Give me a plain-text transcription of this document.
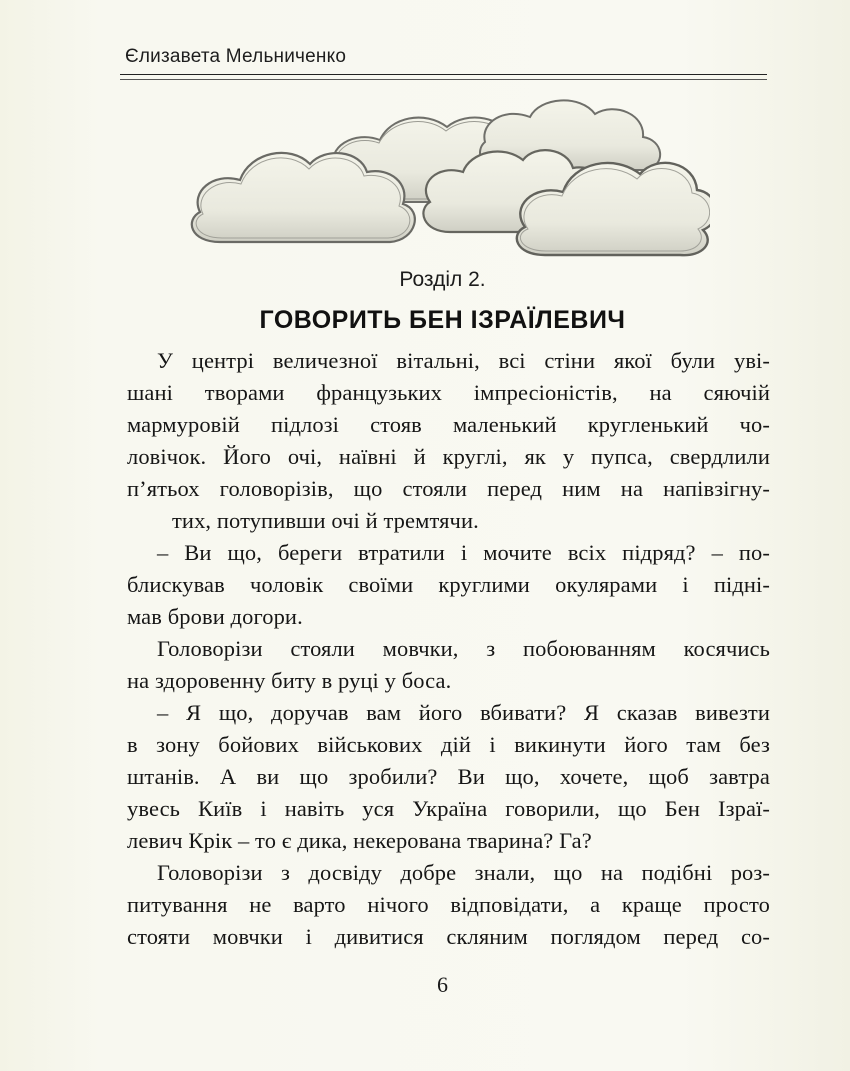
Єлизавета Мельниченко
Розділ 2.
ГОВОРИТЬ БЕН ІЗРАЇЛЕВИЧ
У центрі величезної вітальні, всі стіни якої були уві-
шані творами французьких імпресіоністів, на сяючій
мармуровій підлозі стояв маленький кругленький чо-
ловічок. Його очі, наївні й круглі, як у пупса, свердлили
п’ятьох головорізів, що стояли перед ним на напівзігну-
тих, потупивши очі й тремтячи.
– Ви що, береги втратили і мочите всіх підряд? – по-
блискував чоловік своїми круглими окулярами і підні-
мав брови догори.
Головорізи стояли мовчки, з побоюванням косячись
на здоровенну биту в руці у боса.
– Я що, доручав вам його вбивати? Я сказав вивезти
в зону бойових військових дій і викинути його там без
штанів. А ви що зробили? Ви що, хочете, щоб завтра
увесь Київ і навіть уся Україна говорили, що Бен Ізраї-
левич Крік – то є дика, некерована тварина? Га?
Головорізи з досвіду добре знали, що на подібні роз-
питування не варто нічого відповідати, а краще просто
стояти мовчки і дивитися скляним поглядом перед со-
6
